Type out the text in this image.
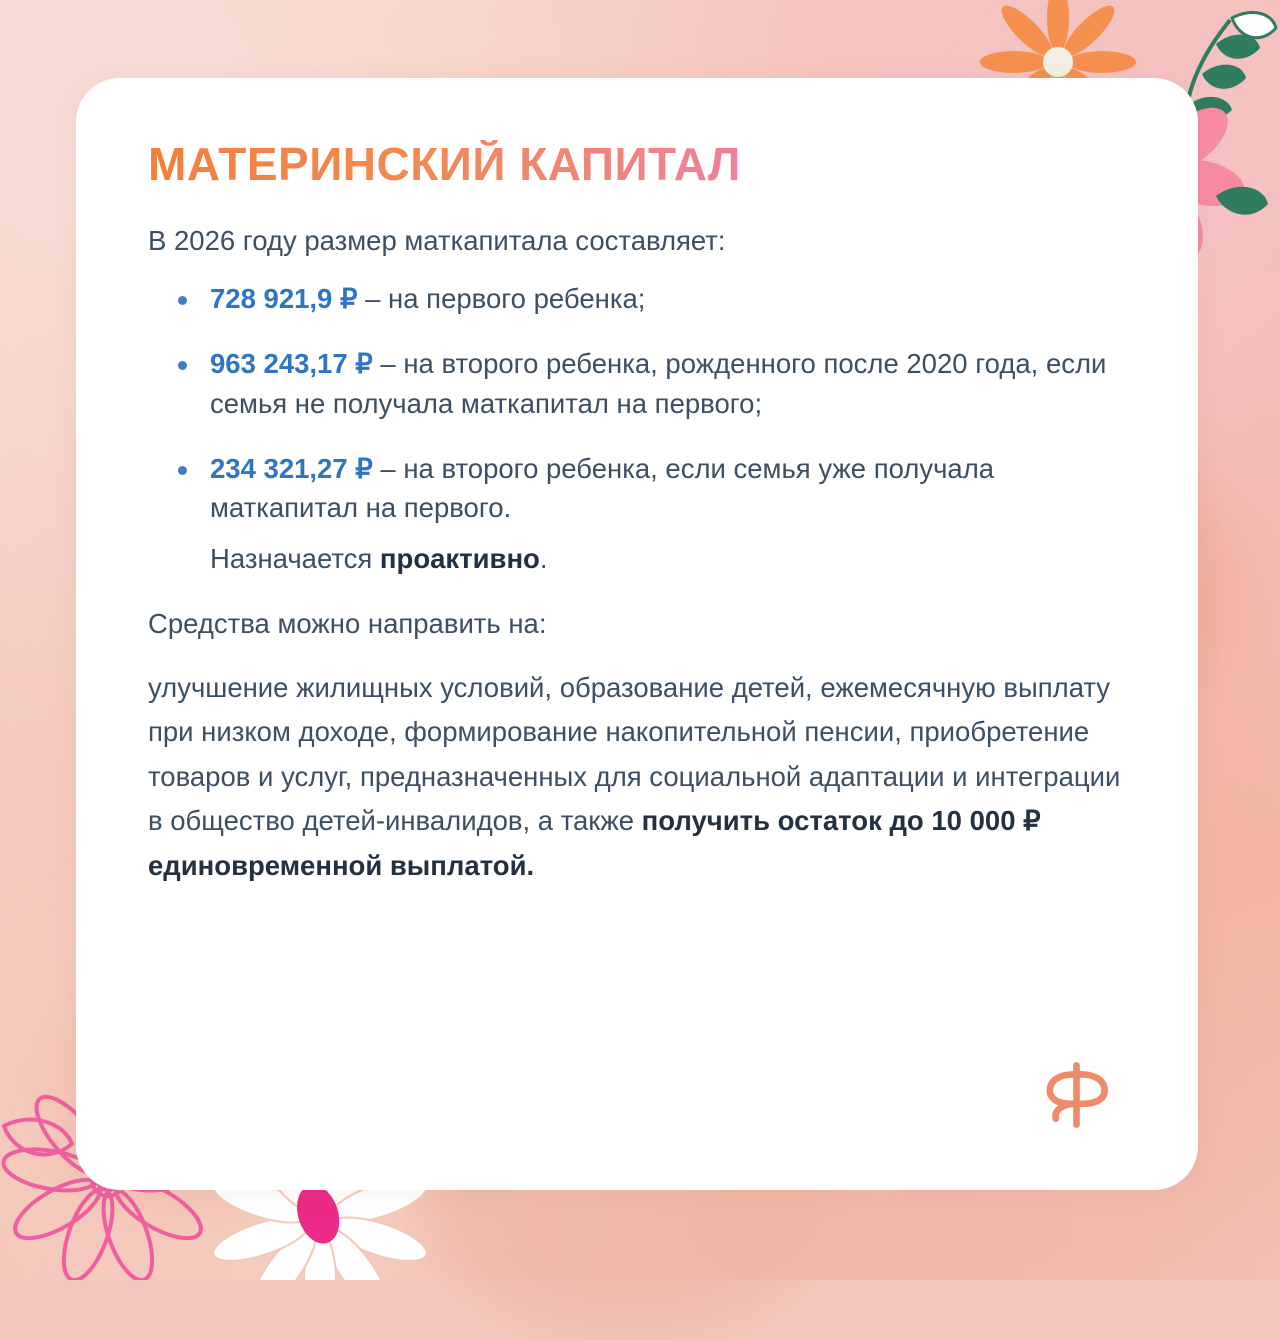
МАТЕРИНСКИЙ КАПИТАЛ

В 2026 году размер маткапитала составляет:

728 921,9 ₽ – на первого ребенка;
963 243,17 ₽ – на второго ребенка, рожденного после 2020 года, если семья не получала маткапитал на первого;
234 321,27 ₽ – на второго ребенка, если семья уже получала маткапитал на первого.
Назначается проактивно.

Средства можно направить на:

улучшение жилищных условий, образование детей, ежемесячную выплату при низком доходе, формирование накопительной пенсии, приобретение товаров и услуг, предназначенных для социальной адаптации и интеграции в общество детей-инвалидов, а также получить остаток до 10 000 ₽ единовременной выплатой.
